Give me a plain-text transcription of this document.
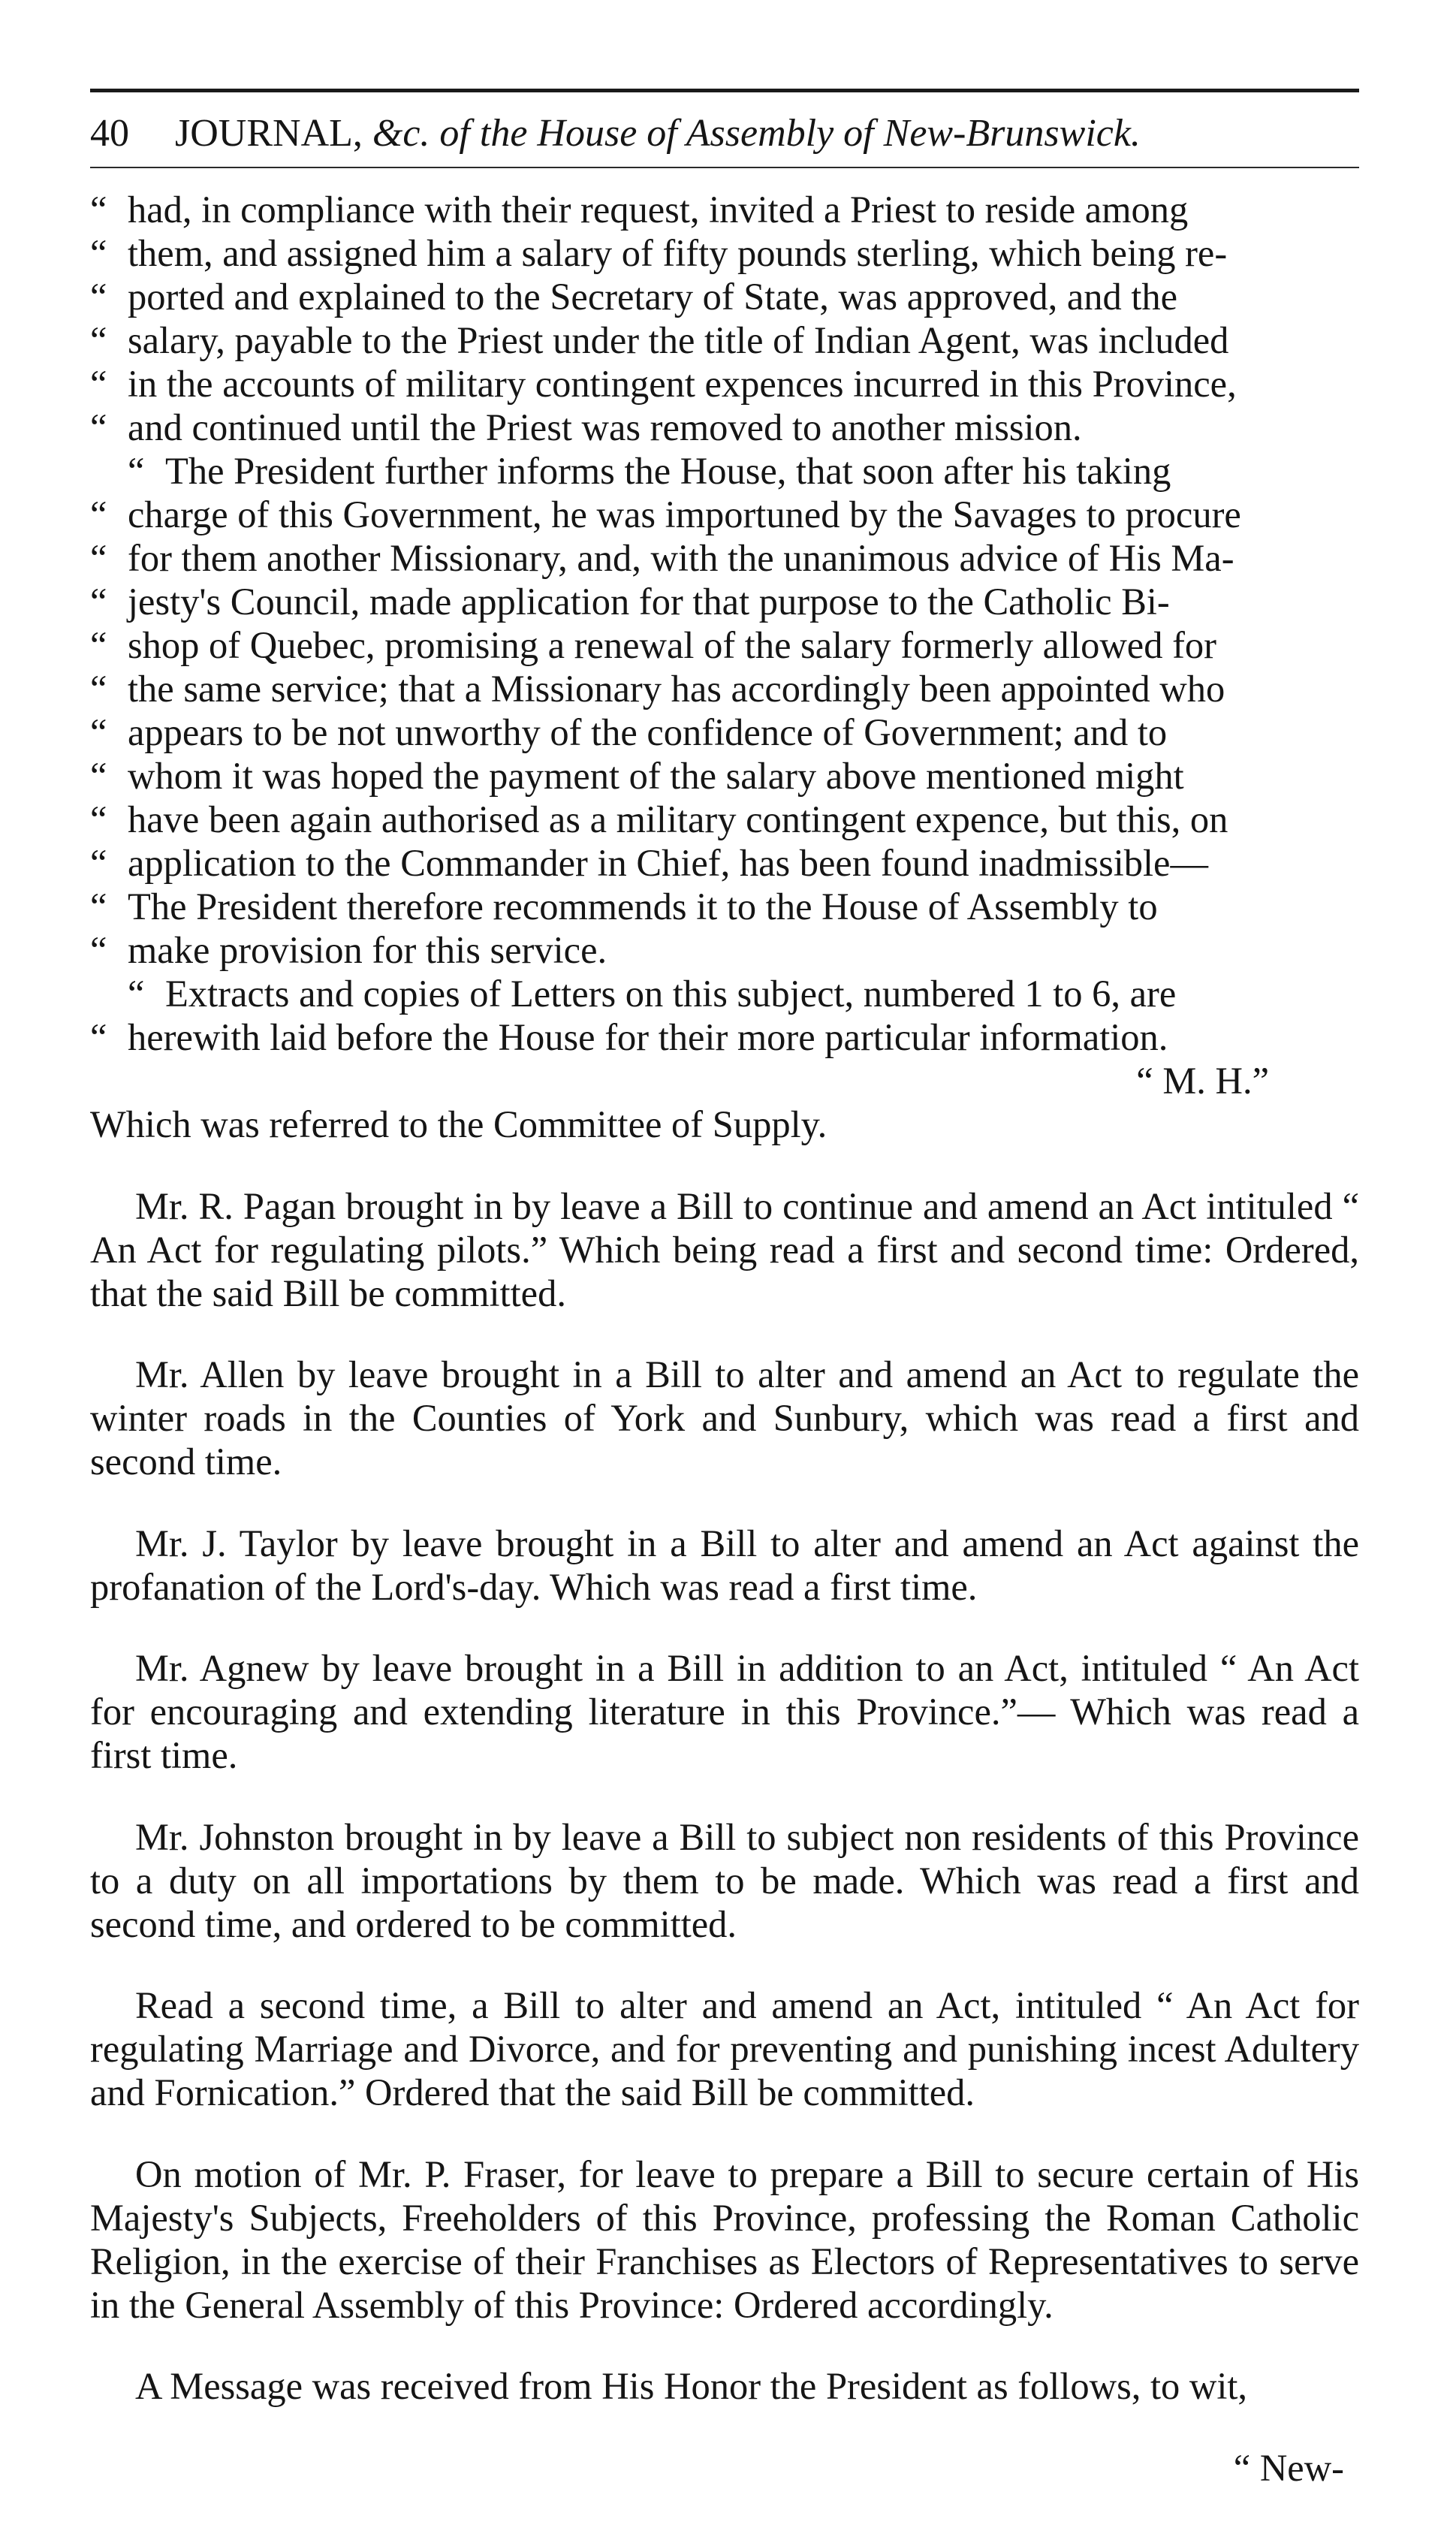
40 JOURNAL, &c. of the House of Assembly of New-Brunswick.
“ had, in compliance with their request, invited a Priest to reside among
“ them, and assigned him a salary of fifty pounds sterling, which being re-
“ ported and explained to the Secretary of State, was approved, and the
“ salary, payable to the Priest under the title of Indian Agent, was included
“ in the accounts of military contingent expences incurred in this Province,
“ and continued until the Priest was removed to another mission.
“ The President further informs the House, that soon after his taking
“ charge of this Government, he was importuned by the Savages to procure
“ for them another Missionary, and, with the unanimous advice of His Ma-
“ jesty's Council, made application for that purpose to the Catholic Bi-
“ shop of Quebec, promising a renewal of the salary formerly allowed for
“ the same service; that a Missionary has accordingly been appointed who
“ appears to be not unworthy of the confidence of Government; and to
“ whom it was hoped the payment of the salary above mentioned might
“ have been again authorised as a military contingent expence, but this, on
“ application to the Commander in Chief, has been found inadmissible—
“ The President therefore recommends it to the House of Assembly to
“ make provision for this service.
“ Extracts and copies of Letters on this subject, numbered 1 to 6, are
“ herewith laid before the House for their more particular information.
“ M. H.”

Which was referred to the Committee of Supply.

Mr. R. Pagan brought in by leave a Bill to continue and amend an Act intituled “ An Act for regulating pilots.” Which being read a first and second time: Ordered, that the said Bill be committed.

Mr. Allen by leave brought in a Bill to alter and amend an Act to regulate the winter roads in the Counties of York and Sunbury, which was read a first and second time.

Mr. J. Taylor by leave brought in a Bill to alter and amend an Act against the profanation of the Lord's-day. Which was read a first time.

Mr. Agnew by leave brought in a Bill in addition to an Act, intituled “ An Act for encouraging and extending literature in this Province.”— Which was read a first time.

Mr. Johnston brought in by leave a Bill to subject non residents of this Province to a duty on all importations by them to be made. Which was read a first and second time, and ordered to be committed.

Read a second time, a Bill to alter and amend an Act, intituled “ An Act for regulating Marriage and Divorce, and for preventing and punishing incest Adultery and Fornication.” Ordered that the said Bill be committed.

On motion of Mr. P. Fraser, for leave to prepare a Bill to secure certain of His Majesty's Subjects, Freeholders of this Province, professing the Roman Catholic Religion, in the exercise of their Franchises as Electors of Representatives to serve in the General Assembly of this Province: Ordered accordingly.

A Message was received from His Honor the President as follows, to wit,

“ New-
